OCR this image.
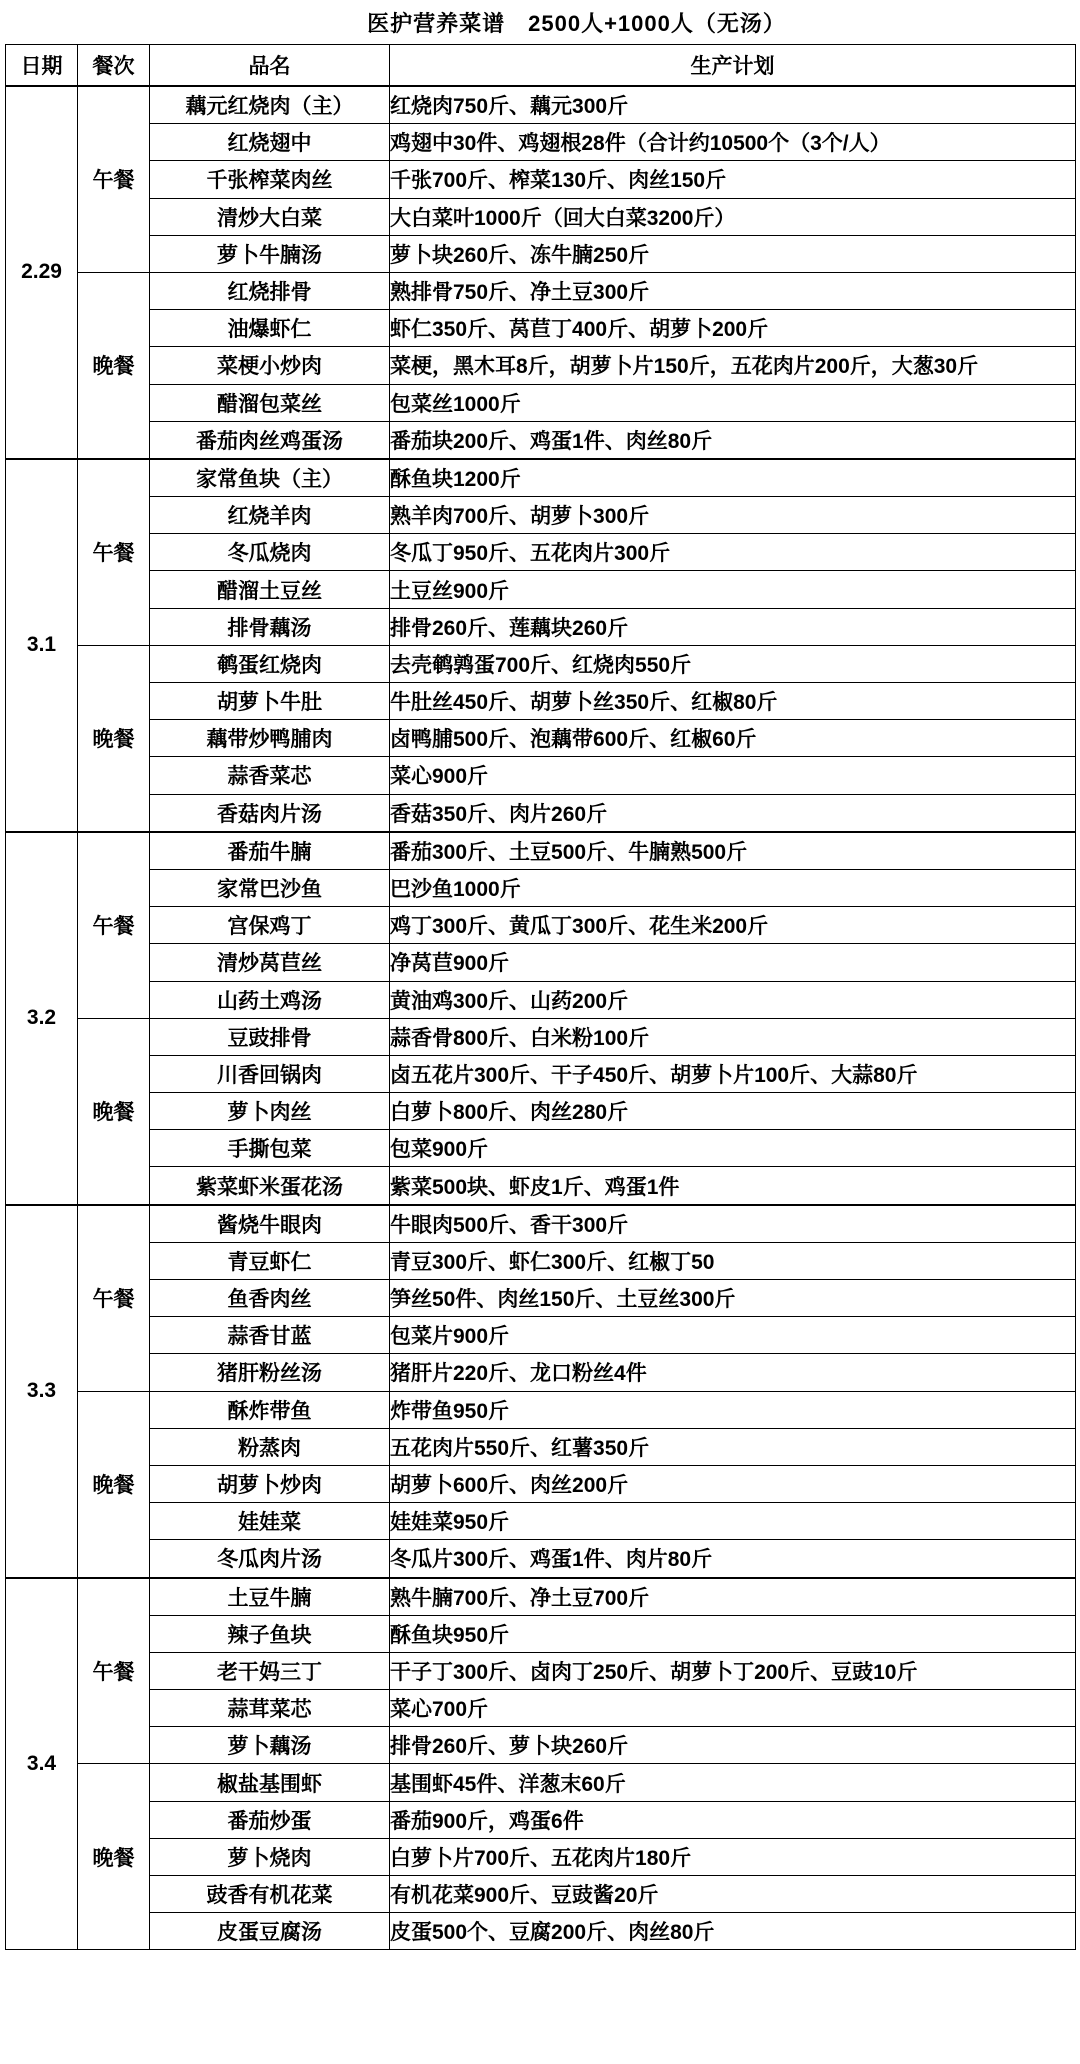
	医护营养菜谱　2500人+1000人（无汤）		
日期	餐次	品名	生产计划
2.29	午餐	藕元红烧肉（主）	红烧肉750斤、藕元300斤
		红烧翅中	鸡翅中30件、鸡翅根28件（合计约10500个（3个/人）
		千张榨菜肉丝	千张700斤、榨菜130斤、肉丝150斤
		清炒大白菜	大白菜叶1000斤（回大白菜3200斤）
		萝卜牛腩汤	萝卜块260斤、冻牛腩250斤
	晚餐	红烧排骨	熟排骨750斤、净土豆300斤
		油爆虾仁	虾仁350斤、莴苣丁400斤、胡萝卜200斤
		菜梗小炒肉	菜梗，黑木耳8斤，胡萝卜片150斤，五花肉片200斤，大葱30斤
		醋溜包菜丝	包菜丝1000斤
		番茄肉丝鸡蛋汤	番茄块200斤、鸡蛋1件、肉丝80斤
3.1	午餐	家常鱼块（主）	酥鱼块1200斤
		红烧羊肉	熟羊肉700斤、胡萝卜300斤
		冬瓜烧肉	冬瓜丁950斤、五花肉片300斤
		醋溜土豆丝	土豆丝900斤
		排骨藕汤	排骨260斤、莲藕块260斤
	晚餐	鹌蛋红烧肉	去壳鹌鹑蛋700斤、红烧肉550斤
		胡萝卜牛肚	牛肚丝450斤、胡萝卜丝350斤、红椒80斤
		藕带炒鸭脯肉	卤鸭脯500斤、泡藕带600斤、红椒60斤
		蒜香菜芯	菜心900斤
		香菇肉片汤	香菇350斤、肉片260斤
3.2	午餐	番茄牛腩	番茄300斤、土豆500斤、牛腩熟500斤
		家常巴沙鱼	巴沙鱼1000斤
		宫保鸡丁	鸡丁300斤、黄瓜丁300斤、花生米200斤
		清炒莴苣丝	净莴苣900斤
		山药土鸡汤	黄油鸡300斤、山药200斤
	晚餐	豆豉排骨	蒜香骨800斤、白米粉100斤
		川香回锅肉	卤五花片300斤、干子450斤、胡萝卜片100斤、大蒜80斤
		萝卜肉丝	白萝卜800斤、肉丝280斤
		手撕包菜	包菜900斤
		紫菜虾米蛋花汤	紫菜500块、虾皮1斤、鸡蛋1件
3.3	午餐	酱烧牛眼肉	牛眼肉500斤、香干300斤
		青豆虾仁	青豆300斤、虾仁300斤、红椒丁50
		鱼香肉丝	笋丝50件、肉丝150斤、土豆丝300斤
		蒜香甘蓝	包菜片900斤
		猪肝粉丝汤	猪肝片220斤、龙口粉丝4件
	晚餐	酥炸带鱼	炸带鱼950斤
		粉蒸肉	五花肉片550斤、红薯350斤
		胡萝卜炒肉	胡萝卜600斤、肉丝200斤
		娃娃菜	娃娃菜950斤
		冬瓜肉片汤	冬瓜片300斤、鸡蛋1件、肉片80斤
3.4	午餐	土豆牛腩	熟牛腩700斤、净土豆700斤
		辣子鱼块	酥鱼块950斤
		老干妈三丁	干子丁300斤、卤肉丁250斤、胡萝卜丁200斤、豆豉10斤
		蒜茸菜芯	菜心700斤
		萝卜藕汤	排骨260斤、萝卜块260斤
	晚餐	椒盐基围虾	基围虾45件、洋葱末60斤
		番茄炒蛋	番茄900斤，鸡蛋6件
		萝卜烧肉	白萝卜片700斤、五花肉片180斤
		豉香有机花菜	有机花菜900斤、豆豉酱20斤
		皮蛋豆腐汤	皮蛋500个、豆腐200斤、肉丝80斤
